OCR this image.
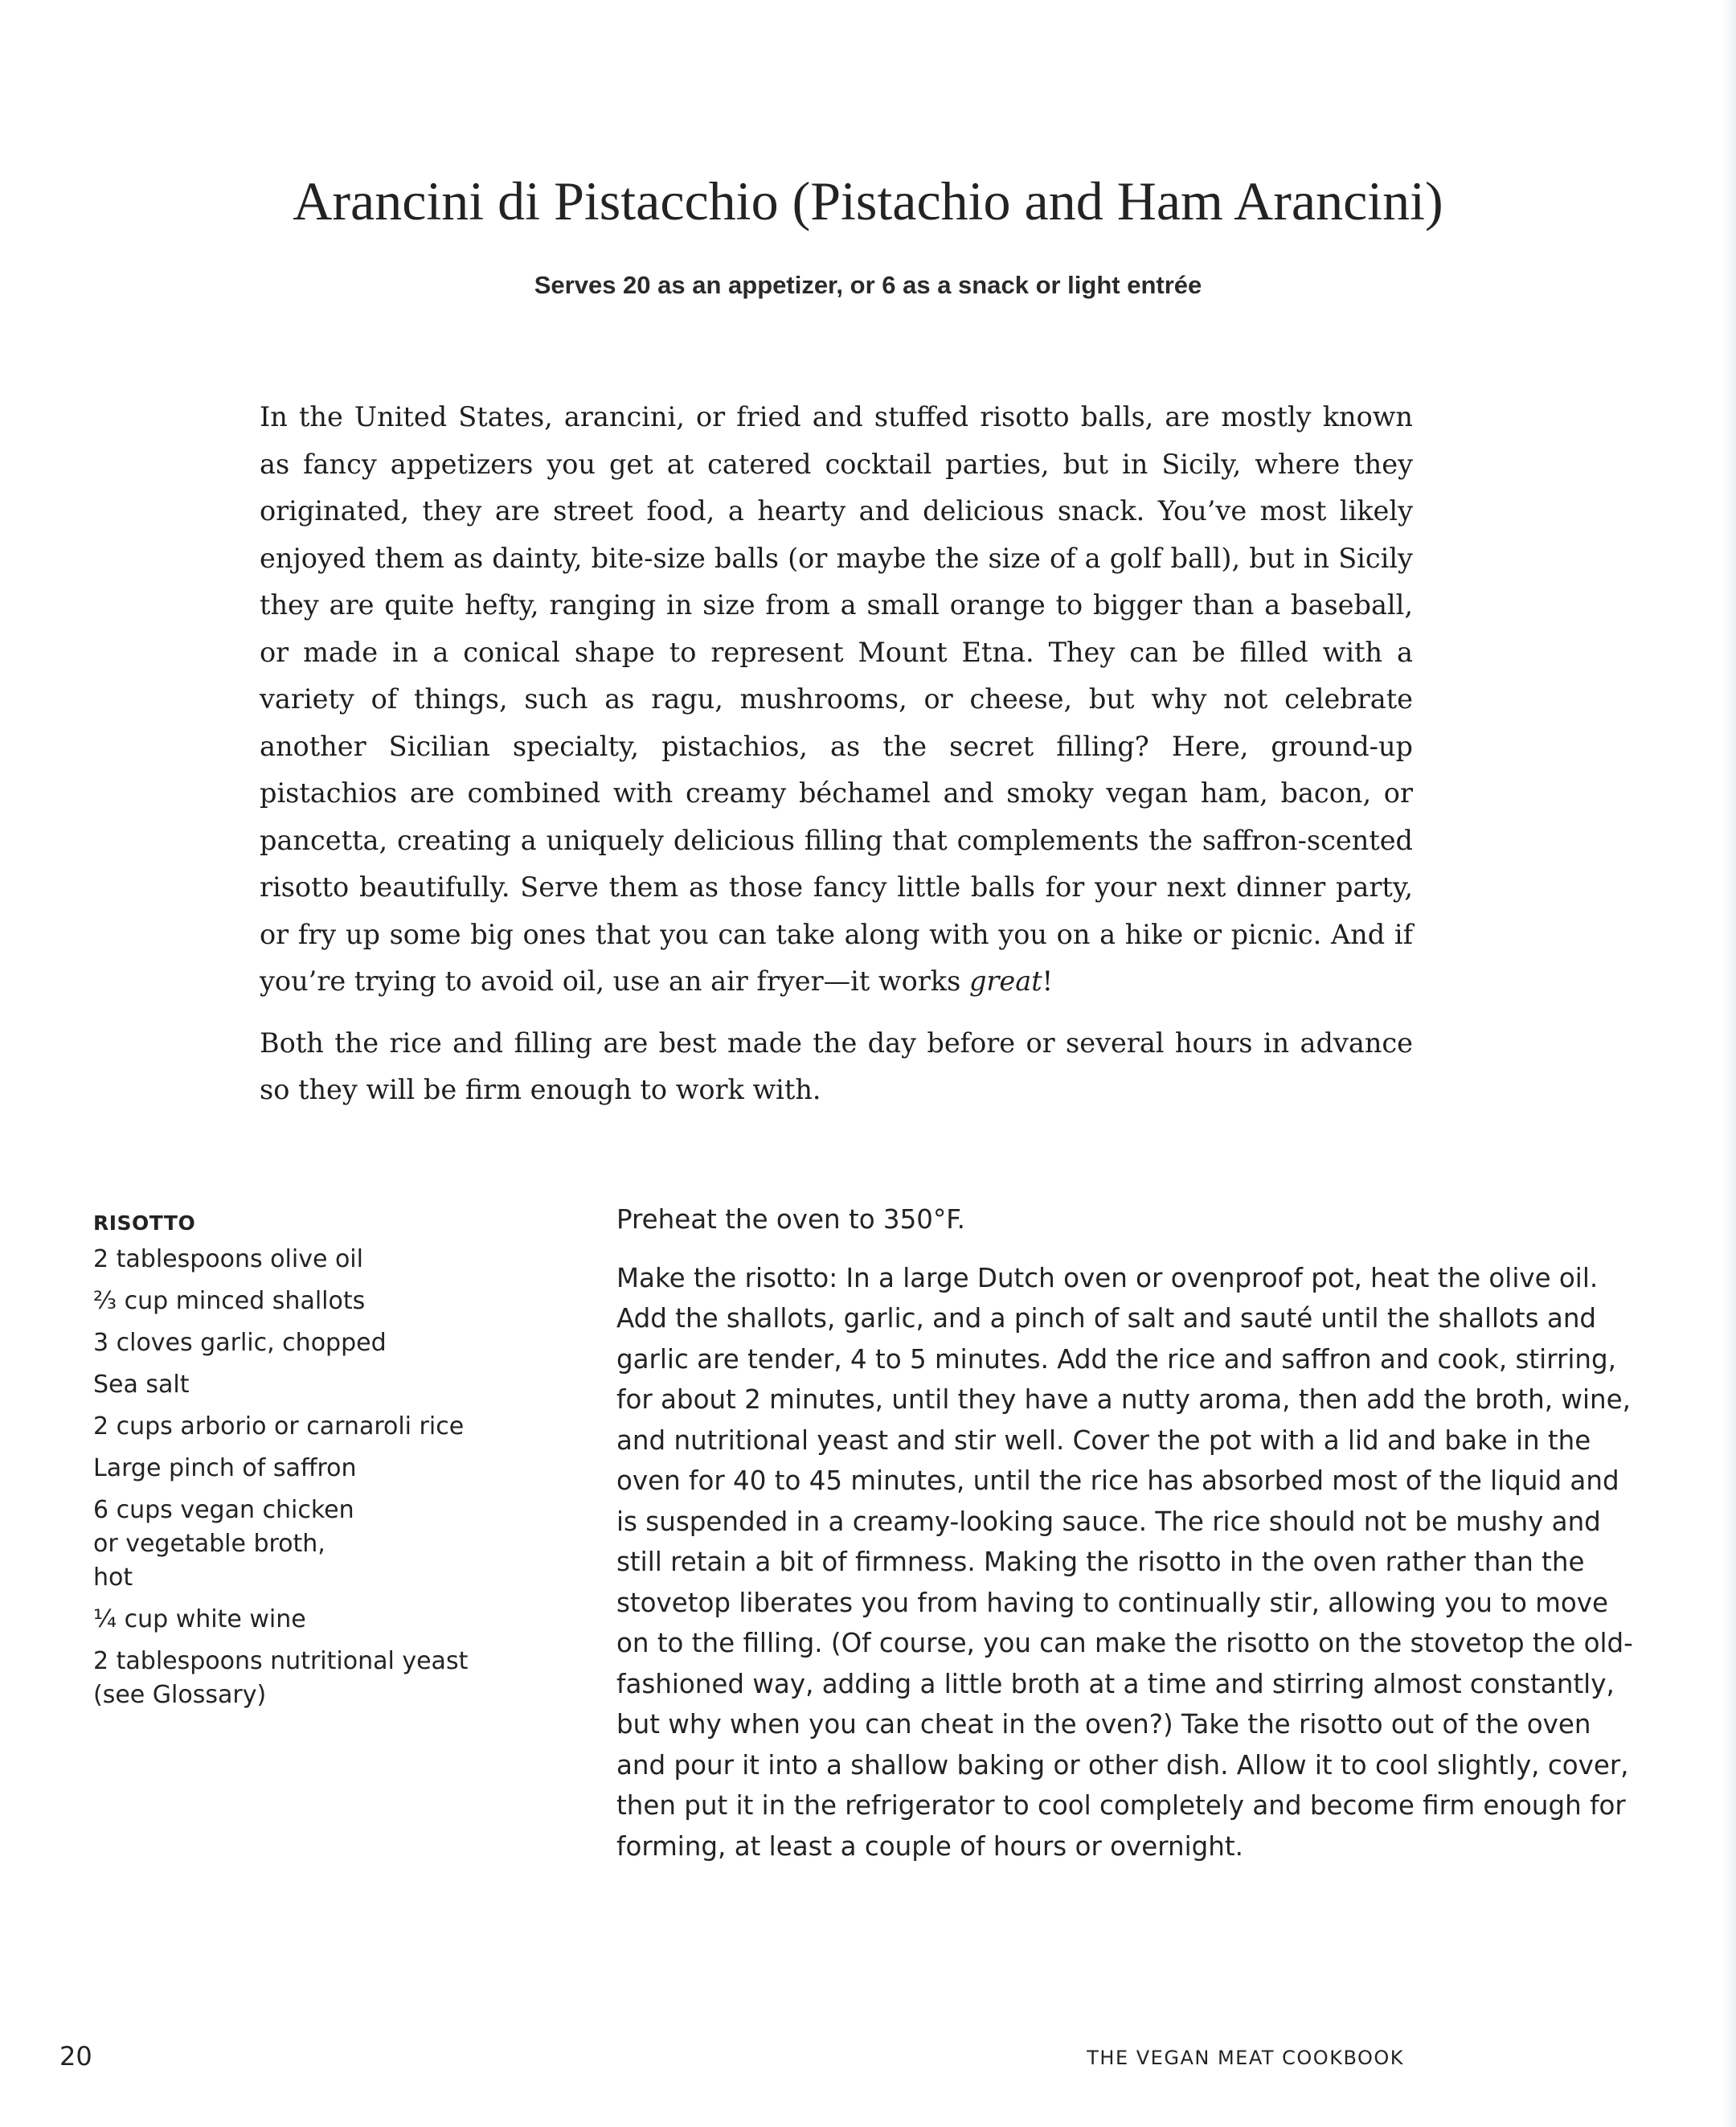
Arancini di Pistacchio (Pistachio and Ham Arancini)

Serves 20 as an appetizer, or 6 as a snack or light entrée

In the United States, arancini, or fried and stuffed risotto balls, are mostly known as fancy appetizers you get at catered cocktail parties, but in Sicily, where they originated, they are street food, a hearty and delicious snack. You’ve most likely enjoyed them as dainty, bite-size balls (or maybe the size of a golf ball), but in Sicily they are quite hefty, ranging in size from a small orange to bigger than a baseball, or made in a conical shape to represent Mount Etna. They can be filled with a variety of things, such as ragu, mushrooms, or cheese, but why not celebrate another Sicilian specialty, pistachios, as the secret filling? Here, ground-up pistachios are combined with creamy béchamel and smoky vegan ham, bacon, or pancetta, creating a uniquely delicious filling that complements the saffron-scented risotto beautifully. Serve them as those fancy little balls for your next dinner party, or fry up some big ones that you can take along with you on a hike or picnic. And if you’re trying to avoid oil, use an air fryer—it works great!

Both the rice and filling are best made the day before or several hours in advance so they will be firm enough to work with.

RISOTTO

2 tablespoons olive oil
⅔ cup minced shallots
3 cloves garlic, chopped
Sea salt
2 cups arborio or carnaroli rice
Large pinch of saffron
6 cups vegan chicken or vegetable broth, hot
¼ cup white wine
2 tablespoons nutritional yeast (see Glossary)

Preheat the oven to 350°F.

Make the risotto: In a large Dutch oven or ovenproof pot, heat the olive oil. Add the shallots, garlic, and a pinch of salt and sauté until the shallots and garlic are tender, 4 to 5 minutes. Add the rice and saffron and cook, stirring, for about 2 minutes, until they have a nutty aroma, then add the broth, wine, and nutritional yeast and stir well. Cover the pot with a lid and bake in the oven for 40 to 45 minutes, until the rice has absorbed most of the liquid and is suspended in a creamy-looking sauce. The rice should not be mushy and still retain a bit of firmness. Making the risotto in the oven rather than the stovetop liberates you from having to continually stir, allowing you to move on to the filling. (Of course, you can make the risotto on the stovetop the old-fashioned way, adding a little broth at a time and stirring almost constantly, but why when you can cheat in the oven?) Take the risotto out of the oven and pour it into a shallow baking or other dish. Allow it to cool slightly, cover, then put it in the refrigerator to cool completely and become firm enough for forming, at least a couple of hours or overnight.

20	THE VEGAN MEAT COOKBOOK
